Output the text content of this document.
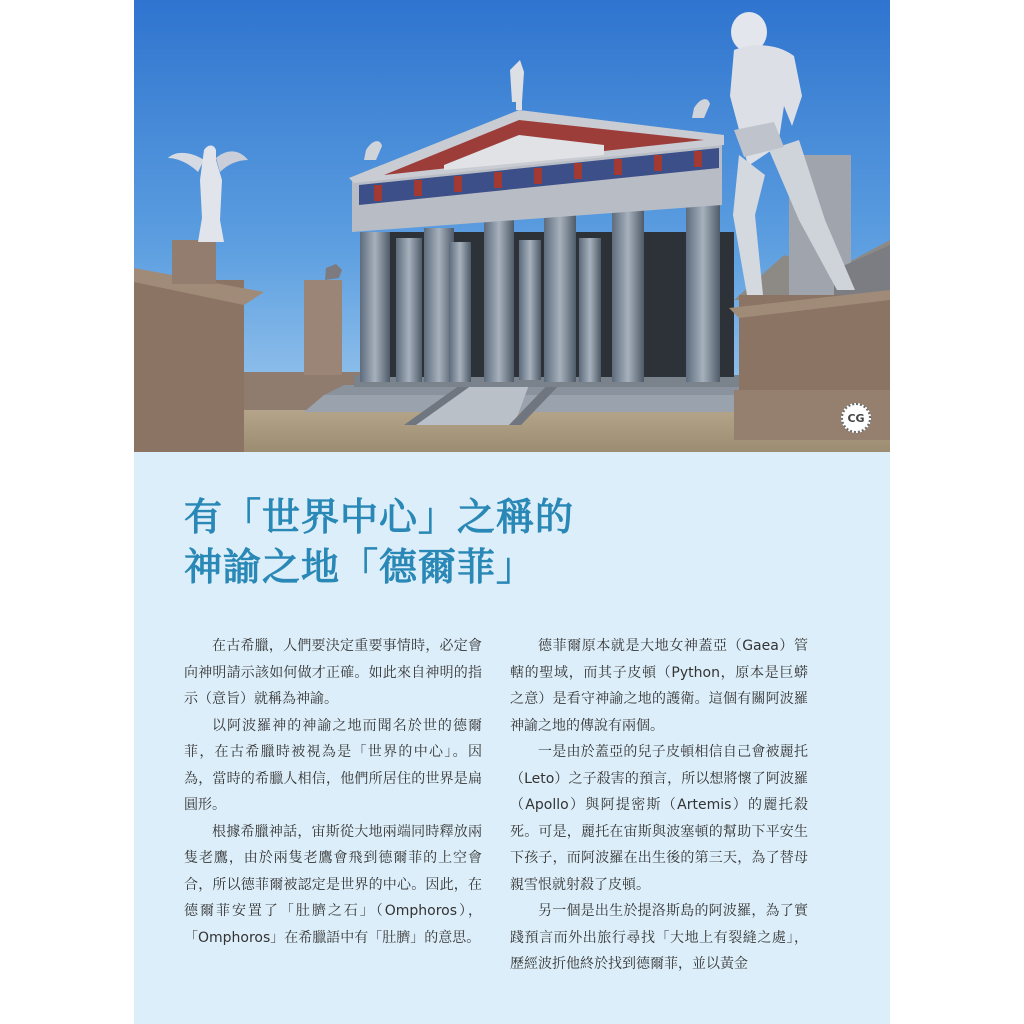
CG
有「世界中心」之稱的
神諭之地「德爾菲」

在古希臘，人們要決定重要事情時，必定會向神明請示該如何做才正確。如此來自神明的指示（意旨）就稱為神諭。

以阿波羅神的神諭之地而聞名於世的德爾菲，在古希臘時被視為是「世界的中心」。因為，當時的希臘人相信，他們所居住的世界是扁圓形。

根據希臘神話，宙斯從大地兩端同時釋放兩隻老鷹，由於兩隻老鷹會飛到德爾菲的上空會合，所以德菲爾被認定是世界的中心。因此，在德爾菲安置了「肚臍之石」（Omphoros），「Omphoros」在希臘語中有「肚臍」的意思。

德菲爾原本就是大地女神蓋亞（Gaea）管轄的聖域，而其子皮頓（Python，原本是巨蟒之意）是看守神諭之地的護衛。這個有關阿波羅神諭之地的傳說有兩個。

一是由於蓋亞的兒子皮頓相信自己會被麗托（Leto）之子殺害的預言，所以想將懷了阿波羅（Apollo）與阿提密斯（Artemis）的麗托殺死。可是，麗托在宙斯與波塞頓的幫助下平安生下孩子，而阿波羅在出生後的第三天，為了替母親雪恨就射殺了皮頓。

另一個是出生於提洛斯島的阿波羅，為了實踐預言而外出旅行尋找「大地上有裂縫之處」，歷經波折他終於找到德爾菲，並以黃金
